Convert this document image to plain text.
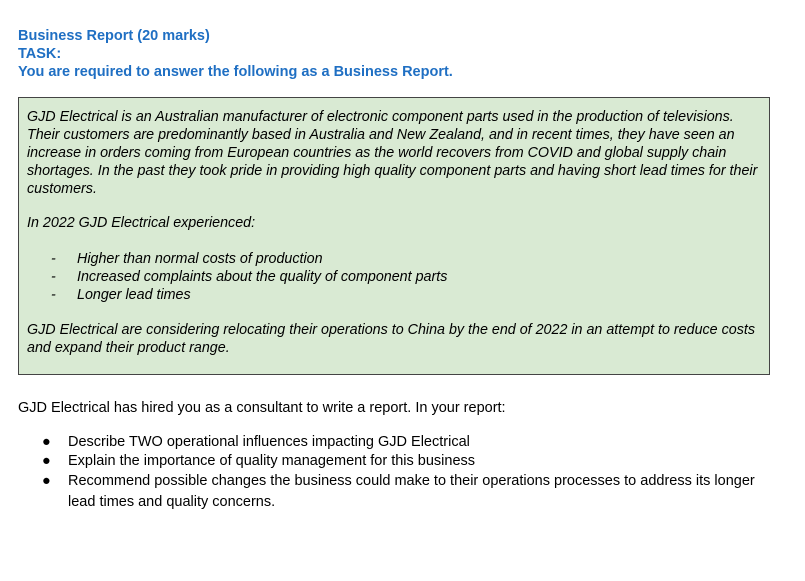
Business Report (20 marks)
TASK:
You are required to answer the following as a Business Report.

GJD Electrical is an Australian manufacturer of electronic component parts used in the production of televisions. Their customers are predominantly based in Australia and New Zealand, and in recent times, they have seen an increase in orders coming from European countries as the world recovers from COVID and global supply chain shortages. In the past they took pride in providing high quality component parts and having short lead times for their customers.

In 2022 GJD Electrical experienced:

- Higher than normal costs of production
- Increased complaints about the quality of component parts
- Longer lead times

GJD Electrical are considering relocating their operations to China by the end of 2022 in an attempt to reduce costs and expand their product range.

GJD Electrical has hired you as a consultant to write a report. In your report:
● Describe TWO operational influences impacting GJD Electrical
● Explain the importance of quality management for this business
● Recommend possible changes the business could make to their operations processes to address its longer lead times and quality concerns.
